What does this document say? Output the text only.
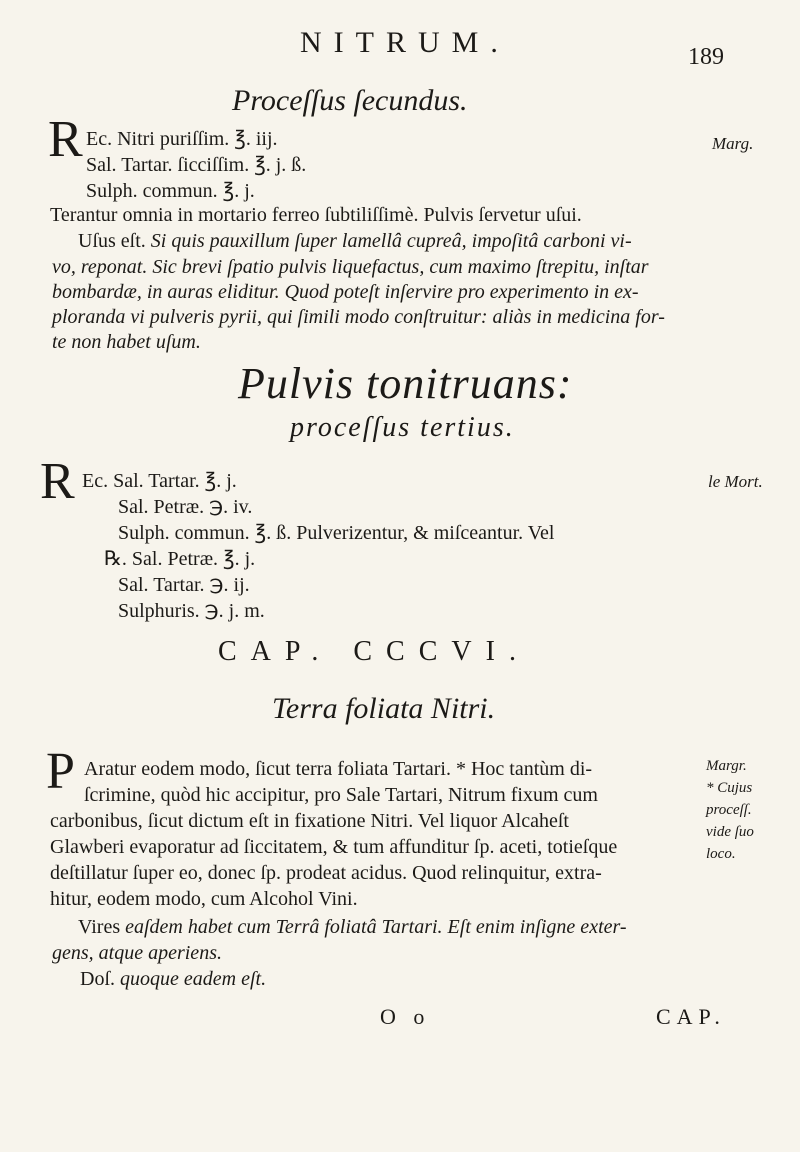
NITRUM.	189
Proceſſus ſecundus.
R Ec. Nitri puriſſim. ℥. iij.	Marg.
Sal. Tartar. ſicciſſim. ℥. j. ß.
Sulph. commun. ℥. j.
Terantur omnia in mortario ferreo ſubtiliſſimè. Pulvis ſervetur uſui.
Uſus eſt. Si quis pauxillum ſuper lamellâ cupreâ, impoſitâ carboni vi-
vo, reponat. Sic brevi ſpatio pulvis liquefactus, cum maximo ſtrepitu, inſtar
bombardæ, in auras eliditur. Quod poteſt inſervire pro experimento in ex-
ploranda vi pulveris pyrii, qui ſimili modo conſtruitur: aliàs in medicina for-
te non habet uſum.
Pulvis tonitruans:
proceſſus tertius.
R	le Mort.
Ec. Sal. Tartar. ℥. j.
Sal. Petræ. ℈. iv.
Sulph. commun. ℥. ß. Pulverizentur, & miſceantur. Vel
℞. Sal. Petræ. ℥. j.
Sal. Tartar. ℈. ij.
Sulphuris. ℈. j. m.
CAP. CCCVI.
Terra foliata Nitri.
P Aratur eodem modo, ſicut terra foliata Tartari. * Hoc tantùm di-
ſcrimine, quòd hic accipitur, pro Sale Tartari, Nitrum fixum cum
carbonibus, ſicut dictum eſt in fixatione Nitri. Vel liquor Alcaheſt
Glawberi evaporatur ad ſiccitatem, & tum affunditur ſp. aceti, totieſque
deſtillatur ſuper eo, donec ſp. prodeat acidus. Quod relinquitur, extra-
hitur, eodem modo, cum Alcohol Vini.
Margr.
* Cujus
proceſſ.
vide ſuo
loco.
Vires eaſdem habet cum Terrâ foliatâ Tartari. Eſt enim inſigne exter-
gens, atque aperiens.
Doſ. quoque eadem eſt.
O o	CAP.
